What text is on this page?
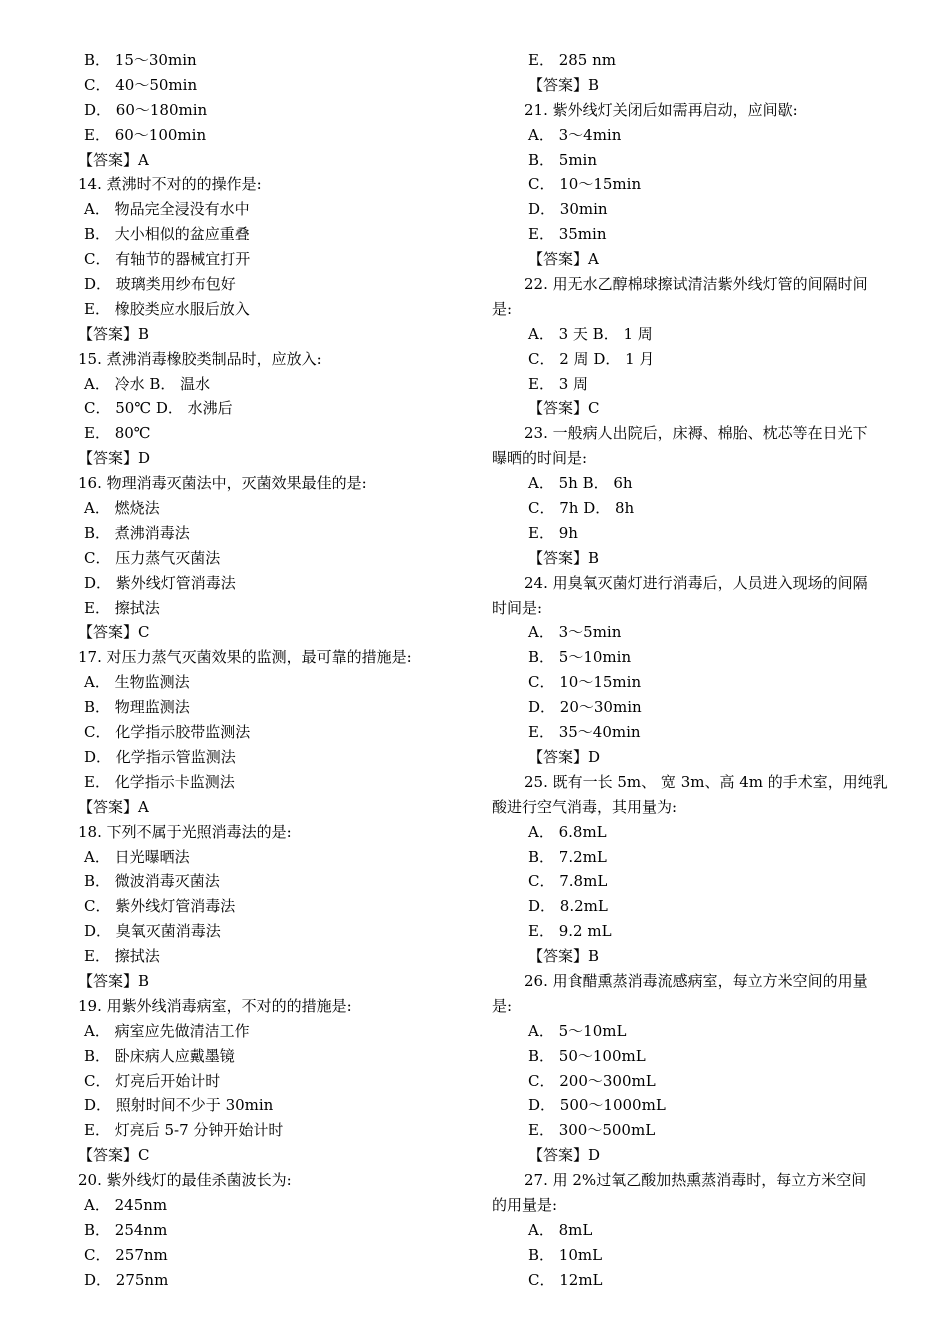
B． 15～30min
C． 40～50min
D． 60～180min
E． 60～100min
【答案】A
14. 煮沸时不对的的操作是:
A． 物品完全浸没有水中
B． 大小相似的盆应重叠
C． 有轴节的器械宜打开
D． 玻璃类用纱布包好
E． 橡胶类应水服后放入
【答案】B
15. 煮沸消毒橡胶类制品时，应放入:
A． 冷水 B． 温水
C． 50℃ D． 水沸后
E． 80℃
【答案】D
16. 物理消毒灭菌法中，灭菌效果最佳的是:
A． 燃烧法
B． 煮沸消毒法
C． 压力蒸气灭菌法
D． 紫外线灯管消毒法
E． 擦拭法
【答案】C
17. 对压力蒸气灭菌效果的监测，最可靠的措施是:
A． 生物监测法
B． 物理监测法
C． 化学指示胶带监测法
D． 化学指示管监测法
E． 化学指示卡监测法
【答案】A
18. 下列不属于光照消毒法的是:
A． 日光曝晒法
B． 微波消毒灭菌法
C． 紫外线灯管消毒法
D． 臭氧灭菌消毒法
E． 擦拭法
【答案】B
19. 用紫外线消毒病室，不对的的措施是:
A． 病室应先做清洁工作
B． 卧床病人应戴墨镜
C． 灯亮后开始计时
D． 照射时间不少于 30min
E． 灯亮后 5-7 分钟开始计时
【答案】C
20. 紫外线灯的最佳杀菌波长为:
A． 245nm
B． 254nm
C． 257nm
D． 275nm
E． 285 nm
【答案】B
21. 紫外线灯关闭后如需再启动，应间歇:
A． 3～4min
B． 5min
C． 10～15min
D． 30min
E． 35min
【答案】A
22. 用无水乙醇棉球擦试清洁紫外线灯管的间隔时间
是:
A． 3 天 B． 1 周
C． 2 周 D． 1 月
E． 3 周
【答案】C
23. 一般病人出院后，床褥、棉胎、枕芯等在日光下
曝晒的时间是:
A． 5h B． 6h
C． 7h D． 8h
E． 9h
【答案】B
24. 用臭氧灭菌灯进行消毒后，人员进入现场的间隔
时间是:
A． 3～5min
B． 5～10min
C． 10～15min
D． 20～30min
E． 35～40min
【答案】D
25. 既有一长 5m、 宽 3m、高 4m 的手术室，用纯乳
酸进行空气消毒，其用量为:
A． 6.8mL
B． 7.2mL
C． 7.8mL
D． 8.2mL
E． 9.2 mL
【答案】B
26. 用食醋熏蒸消毒流感病室，每立方米空间的用量
是:
A． 5～10mL
B． 50～100mL
C． 200～300mL
D． 500～1000mL
E． 300～500mL
【答案】D
27. 用 2%过氧乙酸加热熏蒸消毒时，每立方米空间
的用量是:
A． 8mL
B． 10mL
C． 12mL
